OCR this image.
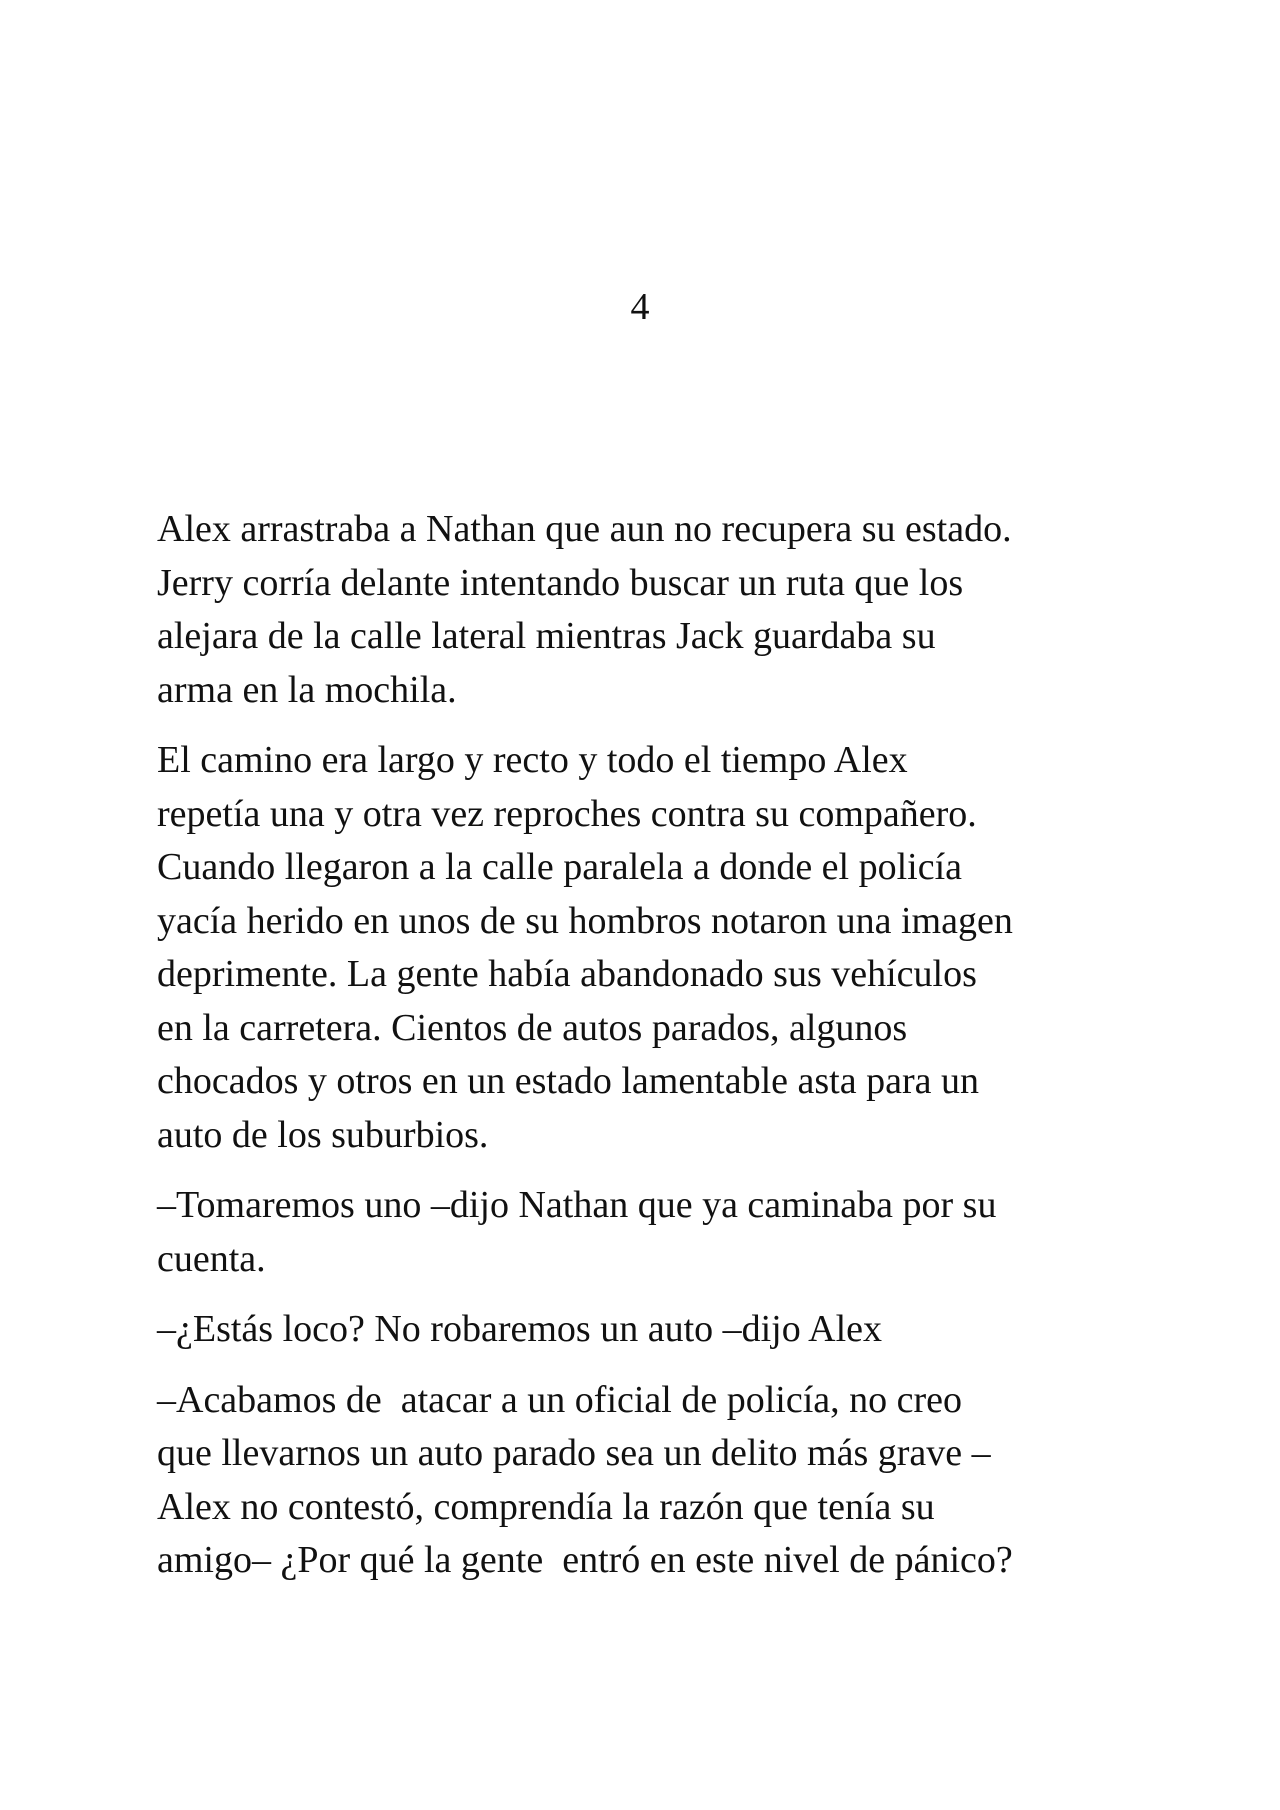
4

Alex arrastraba a Nathan que aun no recupera su estado.
Jerry corría delante intentando buscar un ruta que los
alejara de la calle lateral mientras Jack guardaba su
arma en la mochila.

El camino era largo y recto y todo el tiempo Alex
repetía una y otra vez reproches contra su compañero.
Cuando llegaron a la calle paralela a donde el policía
yacía herido en unos de su hombros notaron una imagen
deprimente. La gente había abandonado sus vehículos
en la carretera. Cientos de autos parados, algunos
chocados y otros en un estado lamentable asta para un
auto de los suburbios.

–Tomaremos uno –dijo Nathan que ya caminaba por su
cuenta.

–¿Estás loco? No robaremos un auto –dijo Alex

–Acabamos de  atacar a un oficial de policía, no creo
que llevarnos un auto parado sea un delito más grave –
Alex no contestó, comprendía la razón que tenía su
amigo– ¿Por qué la gente  entró en este nivel de pánico?
